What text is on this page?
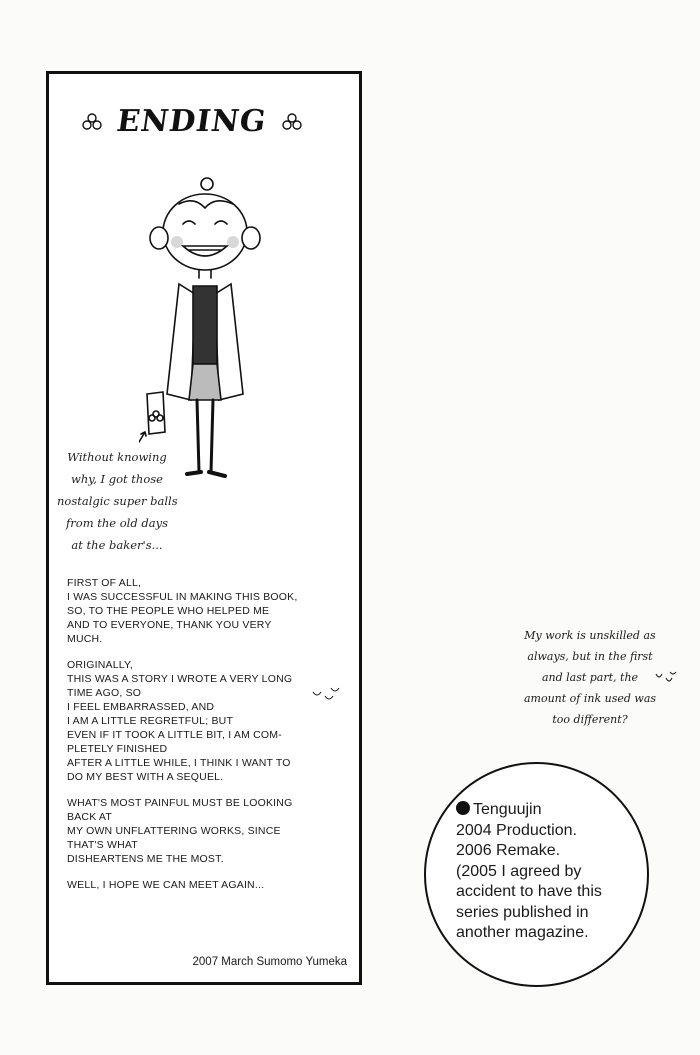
ENDING
Without knowing
why, I got those
nostalgic super balls
from the old days
at the baker's...

FIRST OF ALL,
I WAS SUCCESSFUL IN MAKING THIS BOOK,
SO, TO THE PEOPLE WHO HELPED ME
AND TO EVERYONE, THANK YOU VERY
MUCH.

ORIGINALLY,
THIS WAS A STORY I WROTE A VERY LONG
TIME AGO, SO
I FEEL EMBARRASSED, AND
I AM A LITTLE REGRETFUL; BUT
EVEN IF IT TOOK A LITTLE BIT, I AM COM-
PLETELY FINISHED
AFTER A LITTLE WHILE, I THINK I WANT TO
DO MY BEST WITH A SEQUEL.

WHAT'S MOST PAINFUL MUST BE LOOKING
BACK AT
MY OWN UNFLATTERING WORKS, SINCE
THAT'S WHAT
DISHEARTENS ME THE MOST.

WELL, I HOPE WE CAN MEET AGAIN...

2007 March Sumomo Yumeka
My work is unskilled as
always, but in the first
and last part, the
amount of ink used was
too different?
Tenguujin
2004 Production.
2006 Remake.
(2005 I agreed by
accident to have this
series published in
another magazine.
